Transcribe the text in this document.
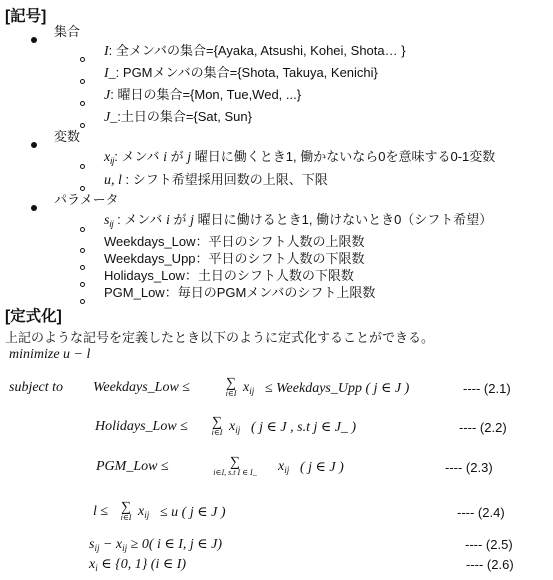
[記号]
集合
I: 全メンバの集合={Ayaka, Atsushi, Kohei, Shota… }
I_: PGMメンバの集合={Shota, Takuya, Kenichi}
J: 曜日の集合={Mon, Tue,Wed, ...}
J_:土日の集合={Sat, Sun}
変数
$x_{ij}$: メンバ i が j 曜日に働くとき1, 働かないなら0を意味する0-1変数
u, l : シフト希望採用回数の上限、下限
パラメータ
$s_{ij}$ : メンバ i が j 曜日に働けるとき1, 働けないとき0（シフト希望）
Weekdays_Low：平日のシフト人数の上限数
Weekdays_Upp：平日のシフト人数の下限数
Holidays_Low：土日のシフト人数の下限数
PGM_Low：毎日のPGMメンバのシフト上限数
[定式化]
上記のような記号を定義したとき以下のように定式化することができる。
minimize u − l
subject to Weekdays_Low ≤	∑
i∈I $x_{ij}$ ≤ Weekdays_Upp ( j ∈ J )	---- (2.1)
Holidays_Low ≤	∑
i∈I $x_{ij}$ ( j ∈ J , s.t j ∈ J_ )	---- (2.2)
PGM_Low ≤	∑
i∈I, s.t I ∈ I_	$x_{ij}$ ( j ∈ J )	---- (2.3)
l ≤ ∑
i∈I $x_{ij} \le u$ ( j ∈ J )	---- (2.4)
$s_{ij} - x_{ij} \ge 0$( i ∈ I, j ∈ J)	---- (2.5)
$x_i$ ∈ {0, 1} (i ∈ I)	---- (2.6)
